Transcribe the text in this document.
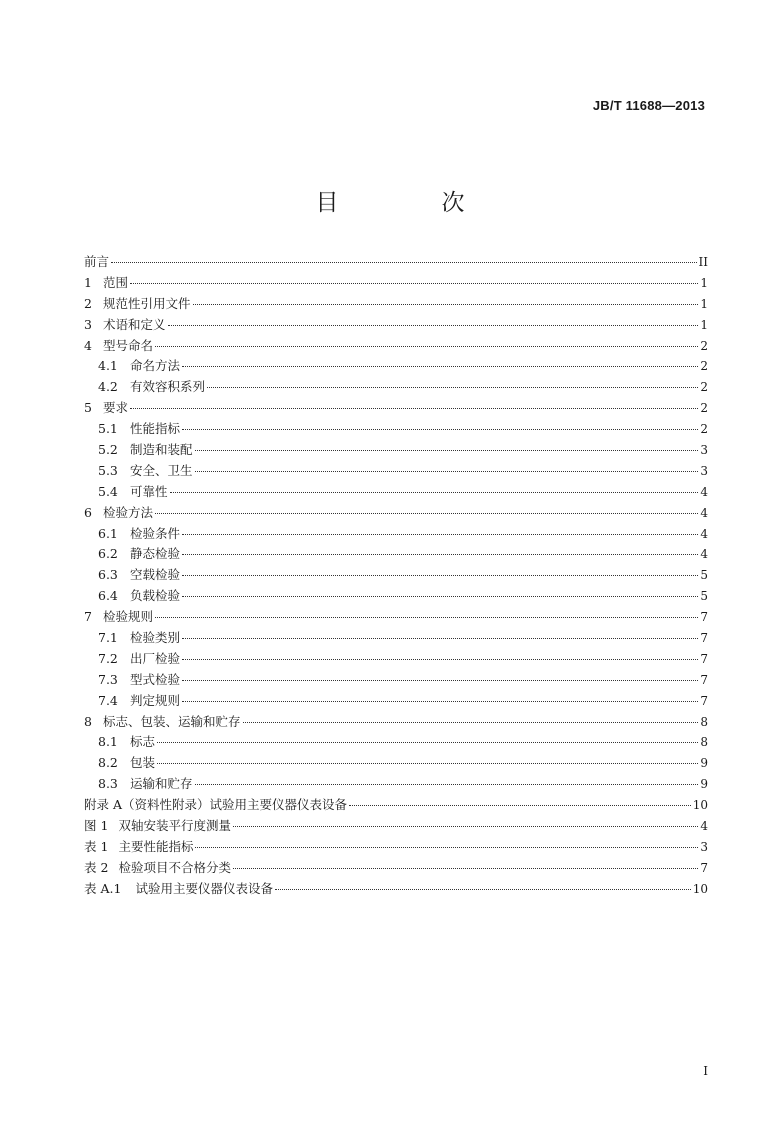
JB/T 11688—2013
目　次
前言	II
1 范围	1
2 规范性引用文件	1
3 术语和定义	1
4 型号命名	2
4.1 命名方法	2
4.2 有效容积系列	2
5 要求	2
5.1 性能指标	2
5.2 制造和装配	3
5.3 安全、卫生	3
5.4 可靠性	4
6 检验方法	4
6.1 检验条件	4
6.2 静态检验	4
6.3 空载检验	5
6.4 负载检验	5
7 检验规则	7
7.1 检验类别	7
7.2 出厂检验	7
7.3 型式检验	7
7.4 判定规则	7
8 标志、包装、运输和贮存	8
8.1 标志	8
8.2 包装	9
8.3 运输和贮存	9
附录 A（资料性附录）试验用主要仪器仪表设备	10
图 1 双轴安装平行度测量	4
表 1 主要性能指标	3
表 2 检验项目不合格分类	7
表 A.1 试验用主要仪器仪表设备	10
I
